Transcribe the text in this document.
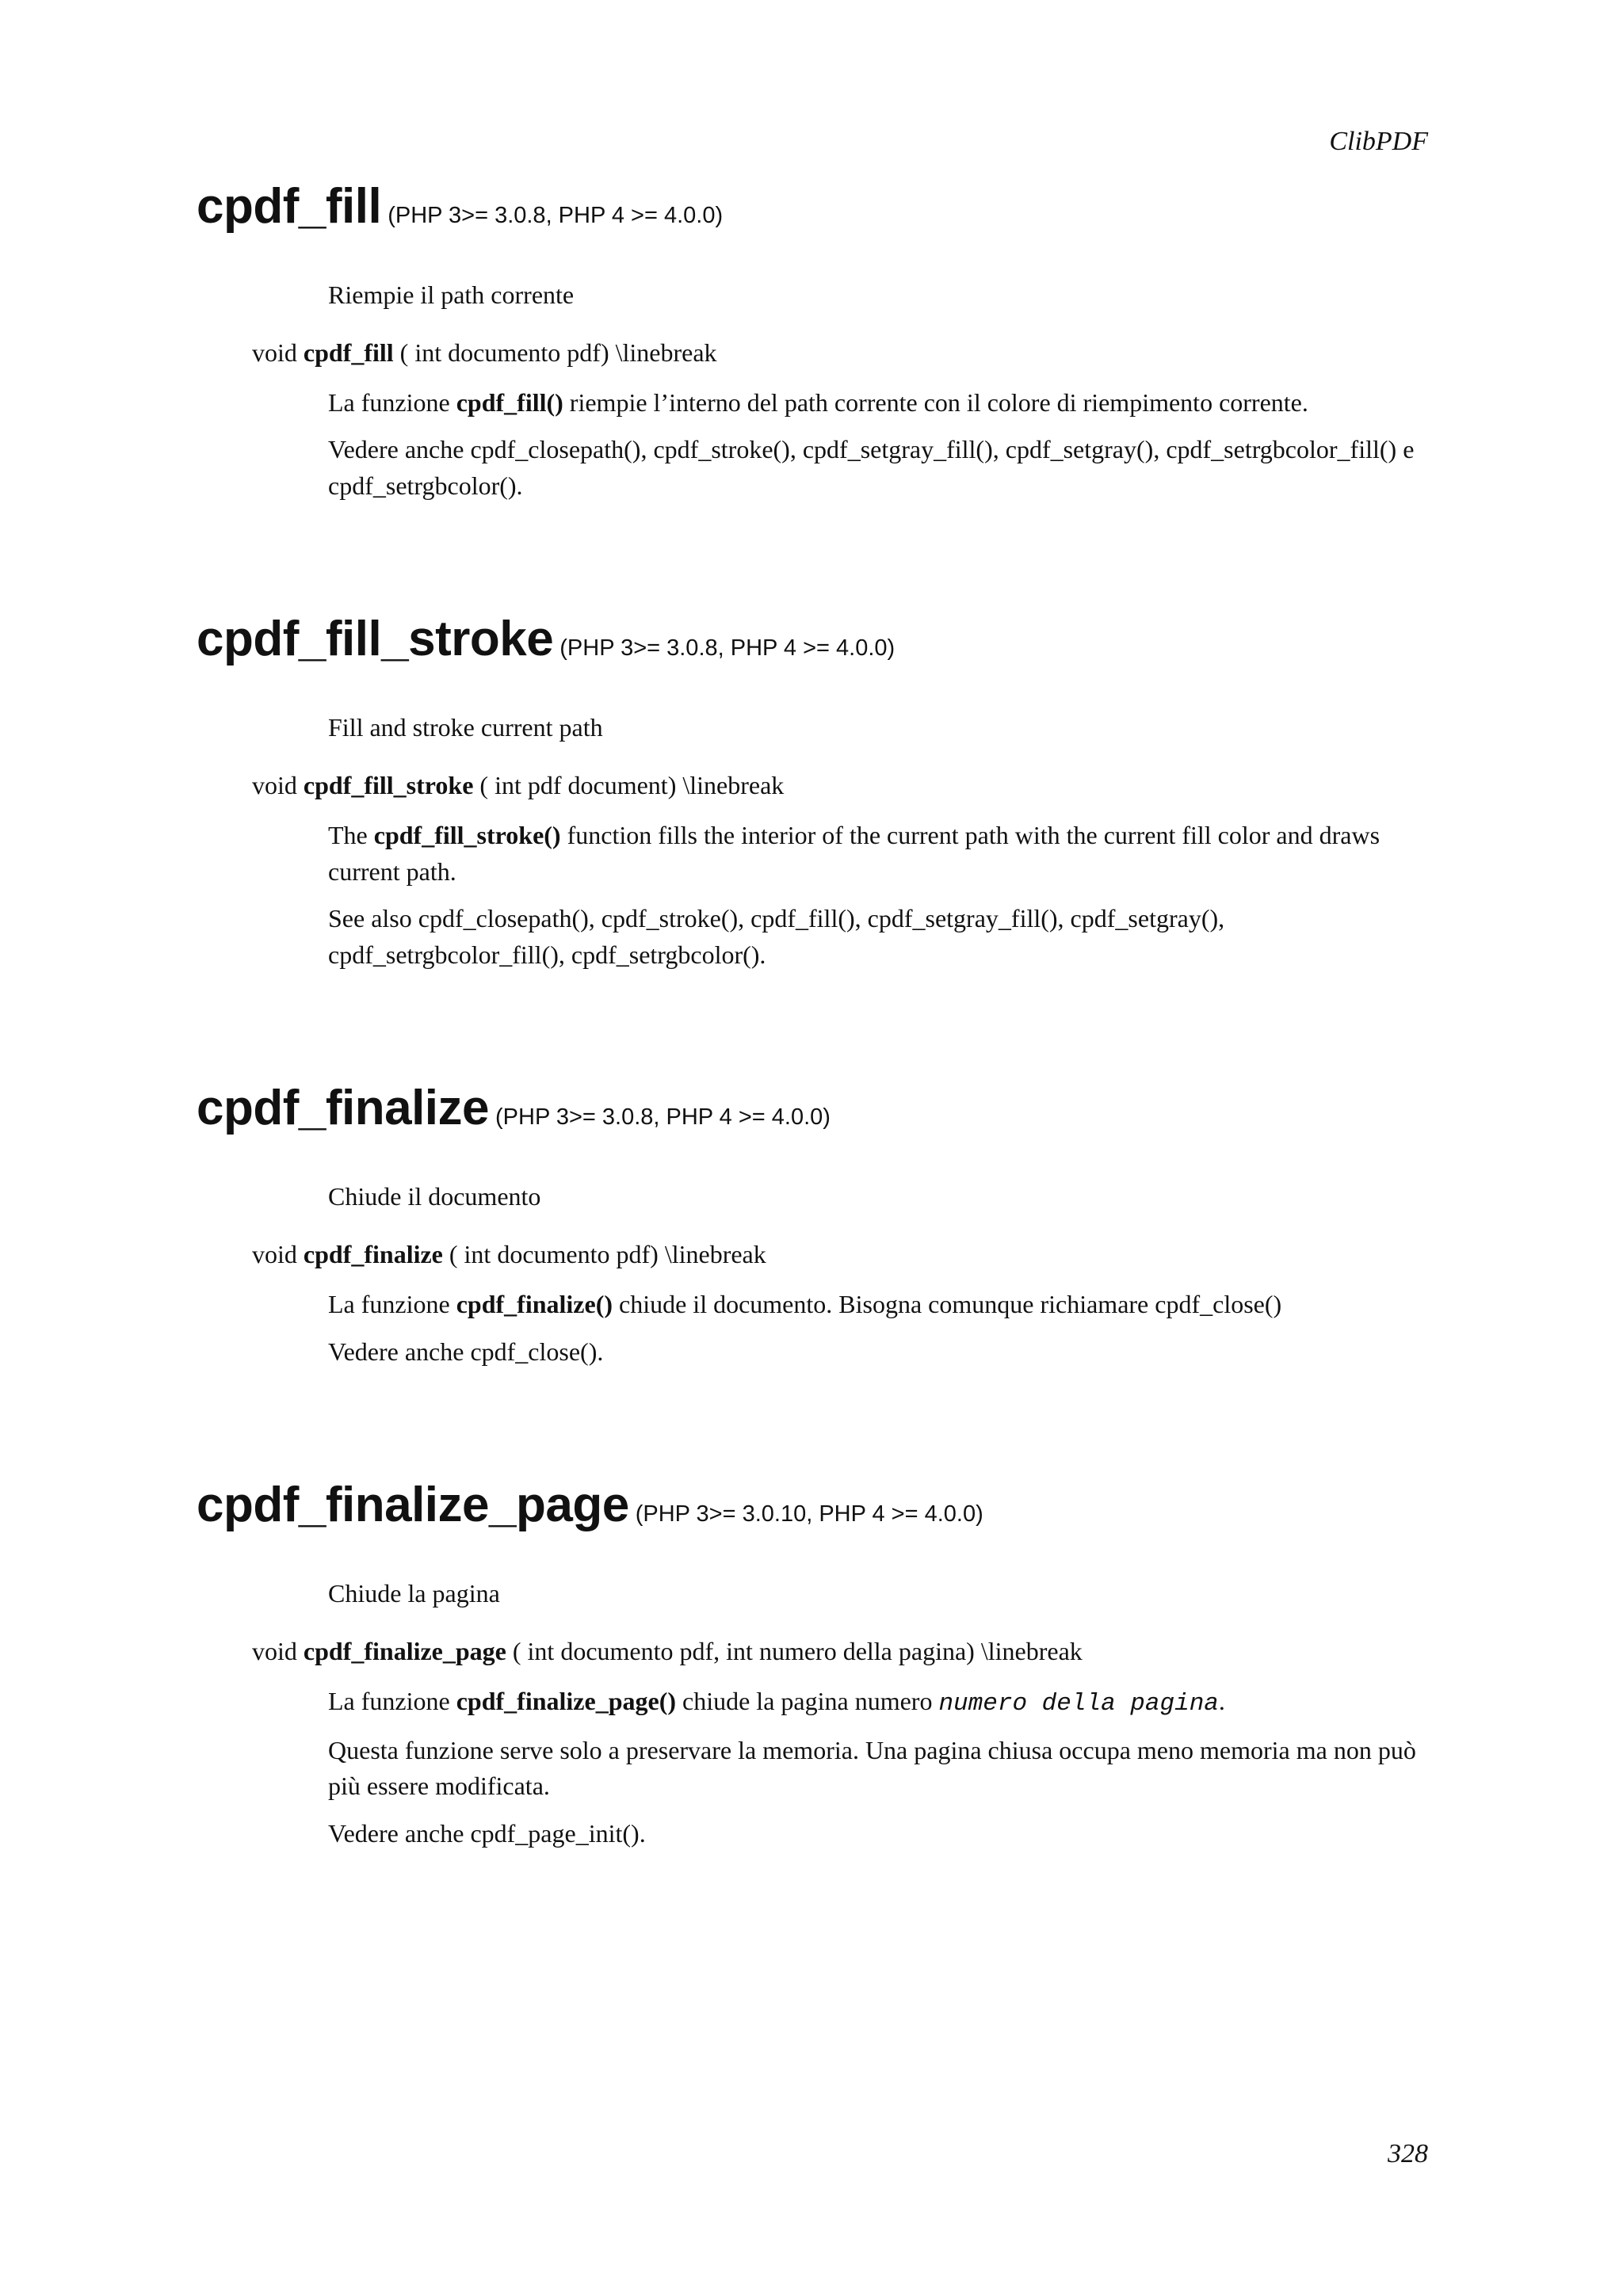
ClibPDF
cpdf_fill (PHP 3>= 3.0.8, PHP 4 >= 4.0.0)
Riempie il path corrente
void cpdf_fill ( int documento pdf) \linebreak

La funzione cpdf_fill() riempie l’interno del path corrente con il colore di riempimento corrente.

Vedere anche cpdf_closepath(), cpdf_stroke(), cpdf_setgray_fill(), cpdf_setgray(), cpdf_setrgbcolor_fill() e cpdf_setrgbcolor().

cpdf_fill_stroke (PHP 3>= 3.0.8, PHP 4 >= 4.0.0)
Fill and stroke current path
void cpdf_fill_stroke ( int pdf document) \linebreak

The cpdf_fill_stroke() function fills the interior of the current path with the current fill color and draws current path.

See also cpdf_closepath(), cpdf_stroke(), cpdf_fill(), cpdf_setgray_fill(), cpdf_setgray(), cpdf_setrgbcolor_fill(), cpdf_setrgbcolor().

cpdf_finalize (PHP 3>= 3.0.8, PHP 4 >= 4.0.0)
Chiude il documento
void cpdf_finalize ( int documento pdf) \linebreak

La funzione cpdf_finalize() chiude il documento. Bisogna comunque richiamare cpdf_close()

Vedere anche cpdf_close().

cpdf_finalize_page (PHP 3>= 3.0.10, PHP 4 >= 4.0.0)
Chiude la pagina
void cpdf_finalize_page ( int documento pdf, int numero della pagina) \linebreak

La funzione cpdf_finalize_page() chiude la pagina numero numero della pagina.

Questa funzione serve solo a preservare la memoria. Una pagina chiusa occupa meno memoria ma non può più essere modificata.

Vedere anche cpdf_page_init().

328
